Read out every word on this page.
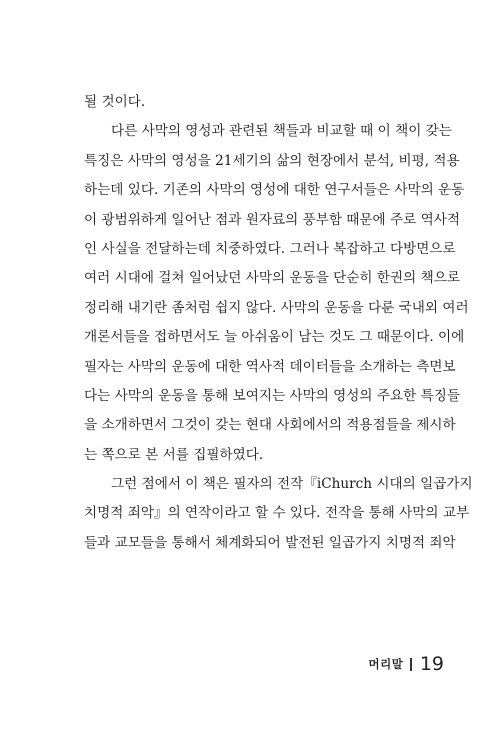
될 것이다.
다른 사막의 영성과 관련된 책들과 비교할 때 이 책이 갖는
특징은 사막의 영성을 21세기의 삶의 현장에서 분석, 비평, 적용
하는데 있다. 기존의 사막의 영성에 대한 연구서들은 사막의 운동
이 광범위하게 일어난 점과 원자료의 풍부함 때문에 주로 역사적
인 사실을 전달하는데 치중하였다. 그러나 복잡하고 다방면으로
여러 시대에 걸쳐 일어났던 사막의 운동을 단순히 한권의 책으로
정리해 내기란 좀처럼 쉽지 않다. 사막의 운동을 다룬 국내외 여러
개론서들을 접하면서도 늘 아쉬움이 남는 것도 그 때문이다. 이에
필자는 사막의 운동에 대한 역사적 데이터들을 소개하는 측면보
다는 사막의 운동을 통해 보여지는 사막의 영성의 주요한 특징들
을 소개하면서 그것이 갖는 현대 사회에서의 적용점들을 제시하
는 쪽으로 본 서를 집필하였다.
그런 점에서 이 책은 필자의 전작『iChurch 시대의 일곱가지
치명적 죄악』의 연작이라고 할 수 있다. 전작을 통해 사막의 교부
들과 교모들을 통해서 체계화되어 발전된 일곱가지 치명적 죄악
머리말 19
